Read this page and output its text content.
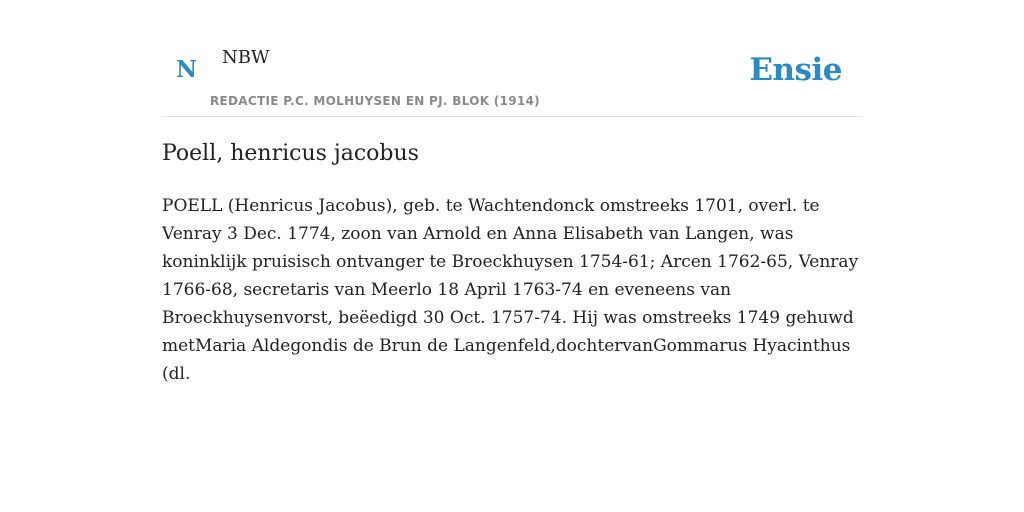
N NBW
REDACTIE P.C. MOLHUYSEN EN PJ. BLOK (1914)
Ensie
Poell, henricus jacobus

POELL (Henricus Jacobus), geb. te Wachtendonck omstreeks 1701, overl. te Venray 3 Dec. 1774, zoon van Arnold en Anna Elisabeth van Langen, was koninklijk pruisisch ontvanger te Broeckhuysen 1754-61; Arcen 1762-65, Venray 1766-68, secretaris van Meerlo 18 April 1763-74 en eveneens van Broeckhuysenvorst, beëedigd 30 Oct. 1757-74. Hij was omstreeks 1749 gehuwd metMaria Aldegondis de Brun de Langenfeld,dochtervanGommarus Hyacinthus (dl.
